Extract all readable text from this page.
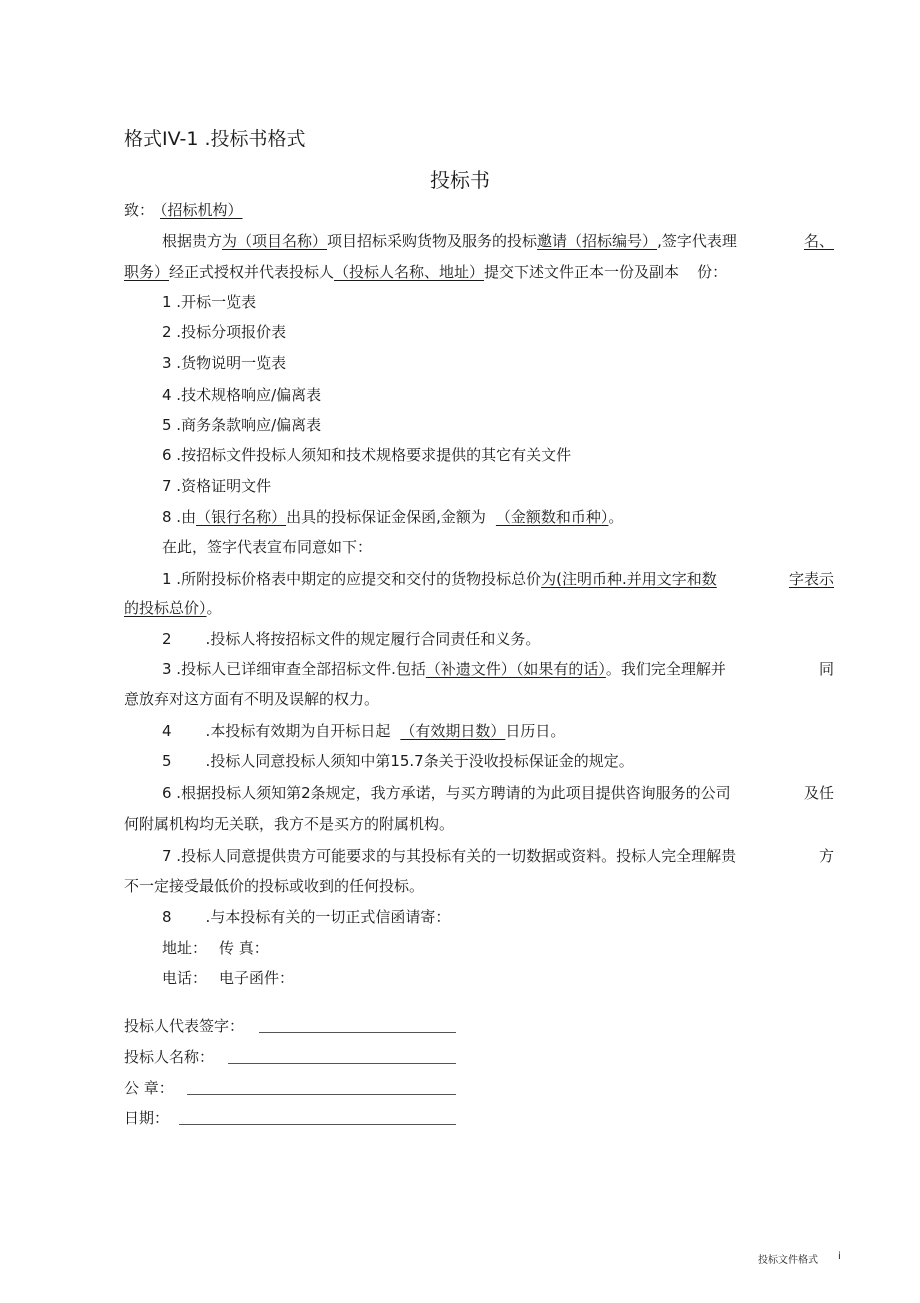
格式IV-1 .投标书格式
投标书
致： （招标机构）
根据贵方为（项目名称）项目招标采购货物及服务的投标邀请（招标编号）,签字代表理	名、
职务）经正式授权并代表投标人（投标人名称、地址）提交下述文件正本一份及副本 份：
1 .开标一览表
2 .投标分项报价表
3 .货物说明一览表
4 .技术规格响应/偏离表
5 .商务条款响应/偏离表
6 .按招标文件投标人须知和技术规格要求提供的其它有关文件
7 .资格证明文件
8 .由（银行名称）出具的投标保证金保函,金额为 （金额数和币种）。
在此，签字代表宣布同意如下：
1 .所附投标价格表中期定的应提交和交付的货物投标总价为(注明币种.并用文字和数	字表示
的投标总价）。
2 .投标人将按招标文件的规定履行合同责任和义务。
3 .投标人已详细审查全部招标文件.包括（补遗文件）（如果有的话）。我们完全理解并	同
意放弃对这方面有不明及误解的权力。
4 .本投标有效期为自开标日起 （有效期日数）日历日。
5 .投标人同意投标人须知中第15.7条关于没收投标保证金的规定。
6 .根据投标人须知第2条规定，我方承诺，与买方聘请的为此项目提供咨询服务的公司	及任
何附属机构均无关联，我方不是买方的附属机构。
7 .投标人同意提供贵方可能要求的与其投标有关的一切数据或资料。投标人完全理解贵	方
不一定接受最低价的投标或收到的任何投标。
8 .与本投标有关的一切正式信函请寄：
地址： 传 真：
电话： 电子函件：
投标人代表签字：
投标人名称：
公 章：
日期：
投标文件格式 i
